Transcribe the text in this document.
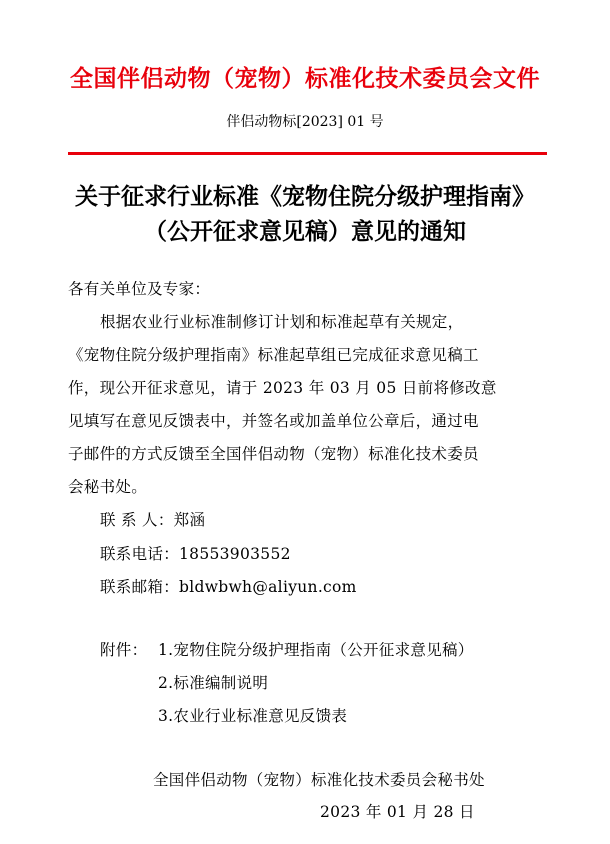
全国伴侣动物（宠物）标准化技术委员会文件
伴侣动物标[2023] 01 号
关于征求行业标准《宠物住院分级护理指南》
（公开征求意见稿）意见的通知
各有关单位及专家：
根据农业行业标准制修订计划和标准起草有关规定，
《宠物住院分级护理指南》标准起草组已完成征求意见稿工
作，现公开征求意见，请于 2023 年 03 月 05 日前将修改意
见填写在意见反馈表中，并签名或加盖单位公章后，通过电
子邮件的方式反馈至全国伴侣动物（宠物）标准化技术委员
会秘书处。
联 系 人：郑涵
联系电话：18553903552
联系邮箱：bldwbwh@aliyun.com
附件： 1.宠物住院分级护理指南（公开征求意见稿）
2.标准编制说明
3.农业行业标准意见反馈表
全国伴侣动物（宠物）标准化技术委员会秘书处
2023 年 01 月 28 日
